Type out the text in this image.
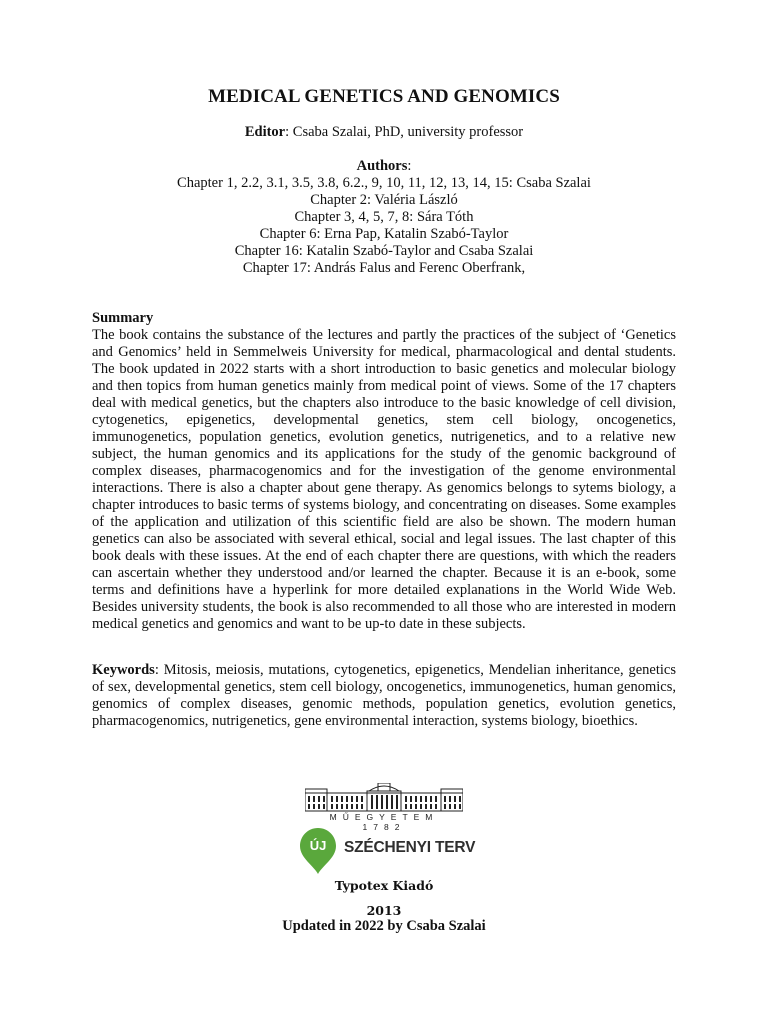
MEDICAL GENETICS AND GENOMICS
Editor: Csaba Szalai, PhD, university professor
Authors:
Chapter 1, 2.2, 3.1, 3.5, 3.8, 6.2., 9, 10, 11, 12, 13, 14, 15: Csaba Szalai
Chapter 2: Valéria László
Chapter 3, 4, 5, 7, 8: Sára Tóth
Chapter 6: Erna Pap, Katalin Szabó-Taylor
Chapter 16: Katalin Szabó-Taylor and Csaba Szalai
Chapter 17: András Falus and Ferenc Oberfrank,
Summary
The book contains the substance of the lectures and partly the practices of the subject of ‘Genetics and Genomics’ held in Semmelweis University for medical, pharmacological and dental students. The book updated in 2022 starts with a short introduction to basic genetics and molecular biology and then topics from human genetics mainly from medical point of views. Some of the 17 chapters deal with medical genetics, but the chapters also introduce to the basic knowledge of cell division, cytogenetics, epigenetics, developmental genetics, stem cell biology, oncogenetics, immunogenetics, population genetics, evolution genetics, nutrigenetics, and to a relative new subject, the human genomics and its applications for the study of the genomic background of complex diseases, pharmacogenomics and for the investigation of the genome environmental interactions. There is also a chapter about gene therapy. As genomics belongs to sytems biology, a chapter introduces to basic terms of systems biology, and concentrating on diseases. Some examples of the application and utilization of this scientific field are also be shown. The modern human genetics can also be associated with several ethical, social and legal issues. The last chapter of this book deals with these issues. At the end of each chapter there are questions, with which the readers can ascertain whether they understood and/or learned the chapter. Because it is an e-book, some terms and definitions have a hyperlink for more detailed explanations in the World Wide Web. Besides university students, the book is also recommended to all those who are interested in modern medical genetics and genomics and want to be up-to date in these subjects.
Keywords: Mitosis, meiosis, mutations, cytogenetics, epigenetics, Mendelian inheritance, genetics of sex, developmental genetics, stem cell biology, oncogenetics, immunogenetics, human genomics, genomics of complex diseases, genomic methods, population genetics, evolution genetics, pharmacogenomics, nutrigenetics, gene environmental interaction, systems biology, bioethics.
MŰEGYETEM 1782
ÚJ SZÉCHENYI TERV
Typotex Kiadó
2013
Updated in 2022 by Csaba Szalai
